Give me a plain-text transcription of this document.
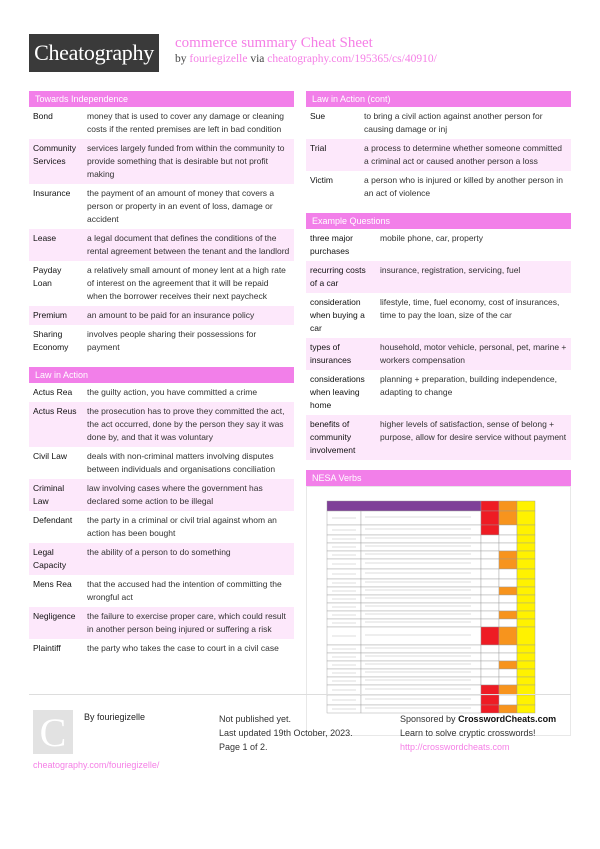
Cheatography	commerce summary Cheat Sheet
by fouriegizelle via cheatography.com/195365/cs/40910/
Towards Independence
Bond	money that is used to cover any damage or cleaning costs if the rented premises are left in bad condition
Community Services	services largely funded from within the community to provide something that is desirable but not profit making
Insurance	the payment of an amount of money that covers a person or property in an event of loss, damage or accident
Lease	a legal document that defines the conditions of the rental agreement between the tenant and the landlord
Payday Loan	a relatively small amount of money lent at a high rate of interest on the agreement that it will be repaid when the borrower receives their next paycheck
Premium	an amount to be paid for an insurance policy
Sharing Economy	involves people sharing their possessions for payment
Law in Action
Actus Rea	the guilty action, you have committed a crime
Actus Reus	the prosecution has to prove they committed the act, the act occurred, done by the person they say it was done by, and that it was voluntary
Civil Law	deals with non-criminal matters involving disputes between individuals and organisations conciliation
Criminal Law	law involving cases where the government has declared some action to be illegal
Defendant	the party in a criminal or civil trial against whom an action has been bought
Legal Capacity	the ability of a person to do something
Mens Rea	that the accused had the intention of committing the wrongful act
Negligence	the failure to exercise proper care, which could result in another person being injured or suffering a risk
Plaintiff	the party who takes the case to court in a civil case
Law in Action (cont)
Sue	to bring a civil action against another person for causing damage or inj
Trial	a process to determine whether someone committed a criminal act or caused another person a loss
Victim	a person who is injured or killed by another person in an act of violence
Example Questions
three major purchases	mobile phone, car, property
recurring costs of a car	insurance, registration, servicing, fuel
consideration when buying a car	lifestyle, time, fuel economy, cost of insurances, time to pay the loan, size of the car
types of insurances	household, motor vehicle, personal, pet, marine + workers compensation
considerations when leaving home	planning + preparation, building independence, adapting to change
benefits of community involvement	higher levels of satisfaction, sense of belong + purpose, allow for desire service without payment
NESA Verbs
C	By fouriegizelle
cheatography.com/fouriegizelle/
Not published yet.
Last updated 19th October, 2023.
Page 1 of 2.
Sponsored by CrosswordCheats.com
Learn to solve cryptic crosswords!
http://crosswordcheats.com
